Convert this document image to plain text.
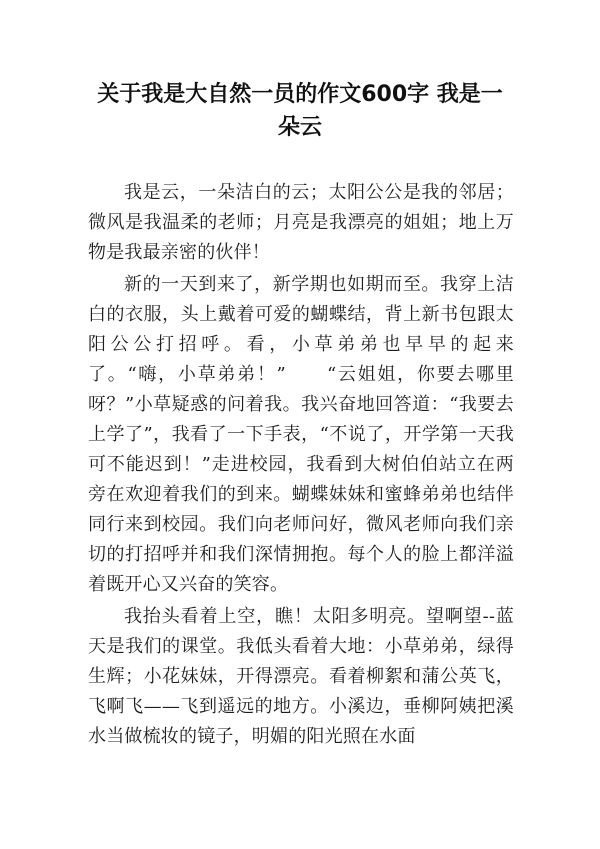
关于我是大自然一员的作文600字 我是一朵云

我是云，一朵洁白的云；太阳公公是我的邻居；微风是我温柔的老师；月亮是我漂亮的姐姐；地上万物是我最亲密的伙伴！

新的一天到来了，新学期也如期而至。我穿上洁白的衣服，头上戴着可爱的蝴蝶结，背上新书包跟太阳公公打招呼。看，小草弟弟也早早的起来了。“嗨，小草弟弟！”　　“云姐姐，你要去哪里呀？”小草疑惑的问着我。我兴奋地回答道：“我要去上学了”，我看了一下手表，“不说了，开学第一天我可不能迟到！”走进校园，我看到大树伯伯站立在两旁在欢迎着我们的到来。蝴蝶妹妹和蜜蜂弟弟也结伴同行来到校园。我们向老师问好，微风老师向我们亲切的打招呼并和我们深情拥抱。每个人的脸上都洋溢着既开心又兴奋的笑容。

我抬头看着上空，瞧！太阳多明亮。望啊望--蓝天是我们的课堂。我低头看着大地：小草弟弟，绿得生辉；小花妹妹，开得漂亮。看着柳絮和蒲公英飞，飞啊飞——飞到遥远的地方。小溪边，垂柳阿姨把溪水当做梳妆的镜子，明媚的阳光照在水面
